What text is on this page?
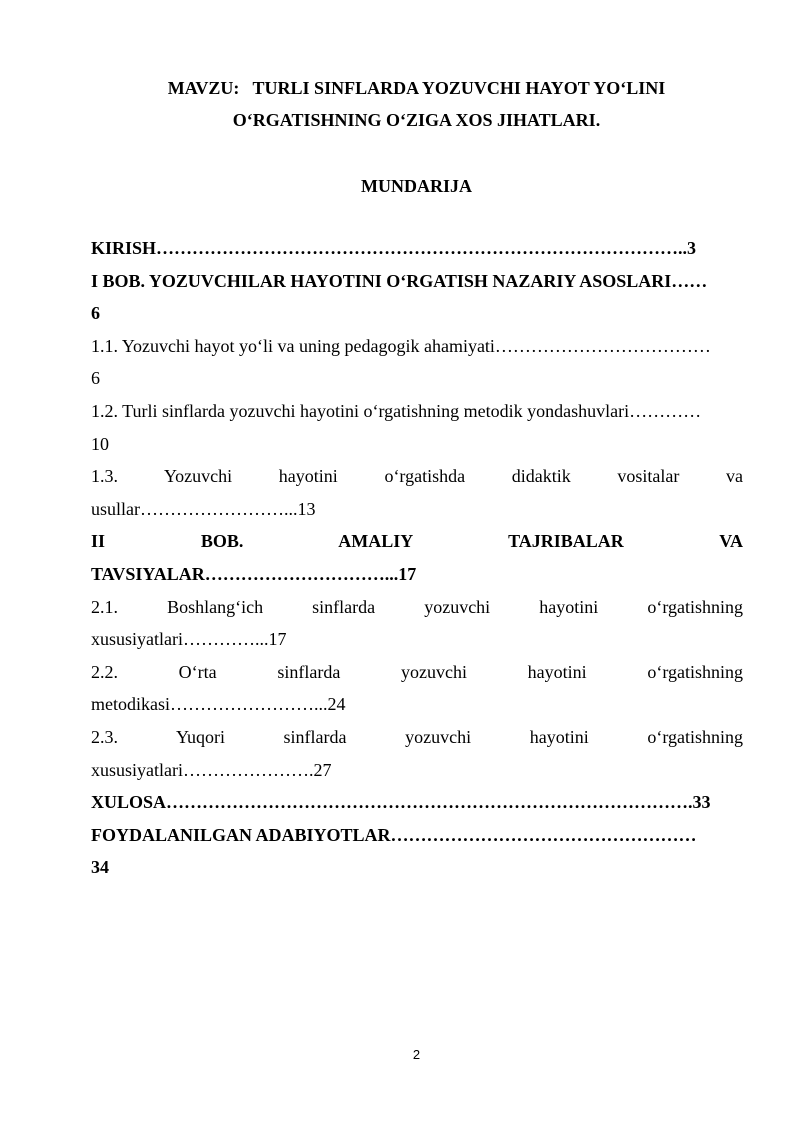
MAVZU:   TURLI SINFLARDA YOZUVCHI HAYOT YO‘LINI
O‘RGATISHNING O‘ZIGA XOS JIHATLARI.
MUNDARIJA
KIRISH……………………………………………………………………………..3
I BOB. YOZUVCHILAR HAYOTINI O‘RGATISH NAZARIY ASOSLARI……
6
1.1. Yozuvchi hayot yo‘li va uning pedagogik ahamiyati………………………………
6
1.2. Turli sinflarda yozuvchi hayotini o‘rgatishning metodik yondashuvlari…………
10
1.3. Yozuvchi hayotini o‘rgatishda didaktik vositalar va
usullar……………………...13
II BOB. AMALIY TAJRIBALAR VA
TAVSIYALAR…………………………...17
2.1. Boshlang‘ich sinflarda yozuvchi hayotini o‘rgatishning
xususiyatlari…………...17
2.2. O‘rta sinflarda yozuvchi hayotini o‘rgatishning
metodikasi……………………...24
2.3. Yuqori sinflarda yozuvchi hayotini o‘rgatishning
xususiyatlari………………….27
XULOSA…………………………………………………………………………….33
FOYDALANILGAN ADABIYOTLAR……………………………………………
34
2
